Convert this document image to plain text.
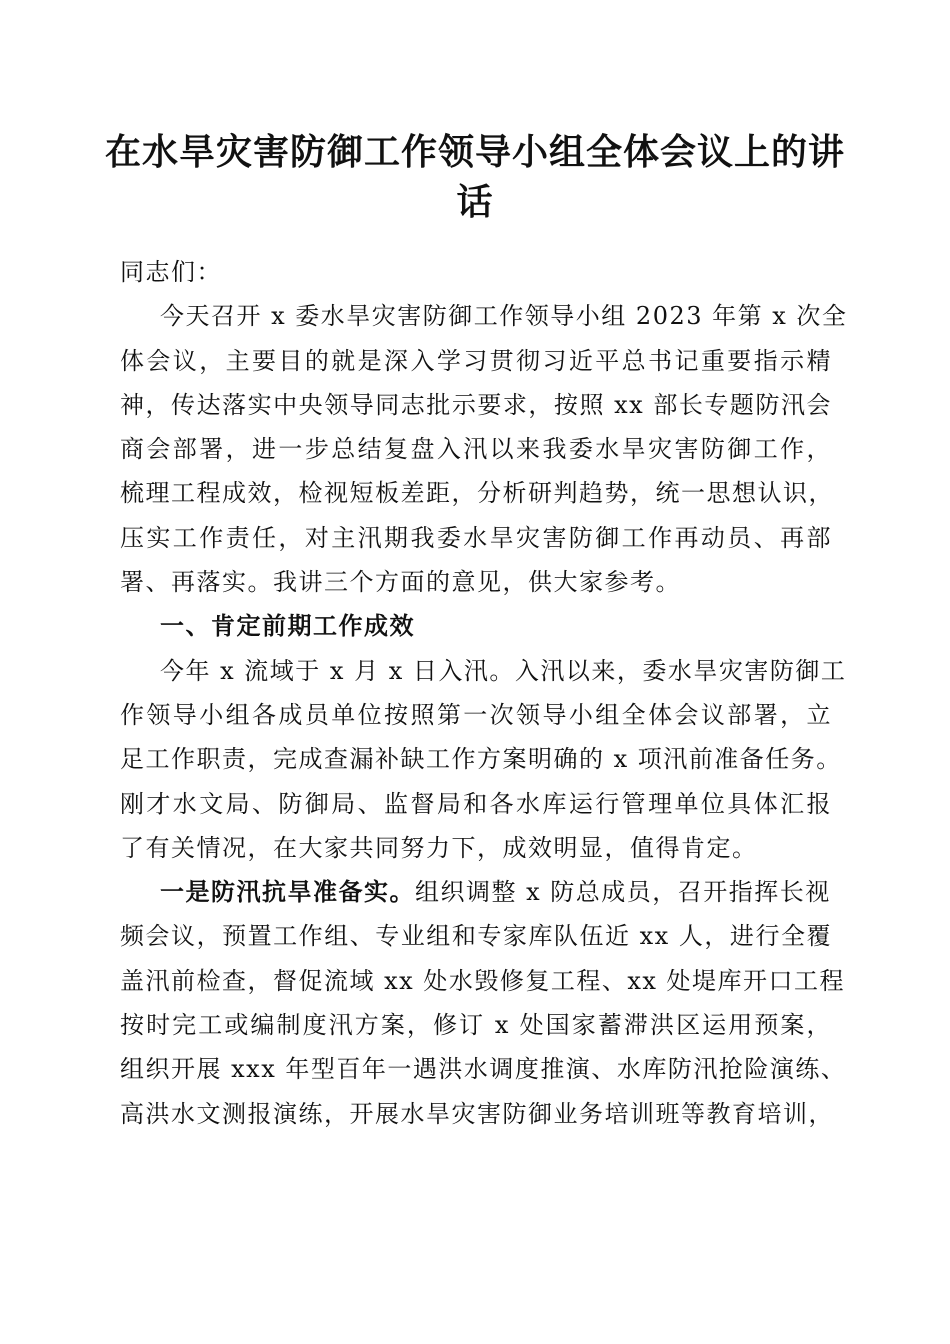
在水旱灾害防御工作领导小组全体会议上的讲
话
同志们：
今天召开 x 委水旱灾害防御工作领导小组 2023 年第 x 次全
体会议，主要目的就是深入学习贯彻习近平总书记重要指示精
神，传达落实中央领导同志批示要求，按照 xx 部长专题防汛会
商会部署，进一步总结复盘入汛以来我委水旱灾害防御工作，
梳理工程成效，检视短板差距，分析研判趋势，统一思想认识，
压实工作责任，对主汛期我委水旱灾害防御工作再动员、再部
署、再落实。我讲三个方面的意见，供大家参考。
一、肯定前期工作成效
今年 x 流域于 x 月 x 日入汛。入汛以来，委水旱灾害防御工
作领导小组各成员单位按照第一次领导小组全体会议部署，立
足工作职责，完成查漏补缺工作方案明确的 x 项汛前准备任务。
刚才水文局、防御局、监督局和各水库运行管理单位具体汇报
了有关情况，在大家共同努力下，成效明显，值得肯定。
一是防汛抗旱准备实。组织调整 x 防总成员，召开指挥长视
频会议，预置工作组、专业组和专家库队伍近 xx 人，进行全覆
盖汛前检查，督促流域 xx 处水毁修复工程、xx 处堤库开口工程
按时完工或编制度汛方案，修订 x 处国家蓄滞洪区运用预案，
组织开展 xxx 年型百年一遇洪水调度推演、水库防汛抢险演练、
高洪水文测报演练，开展水旱灾害防御业务培训班等教育培训，
